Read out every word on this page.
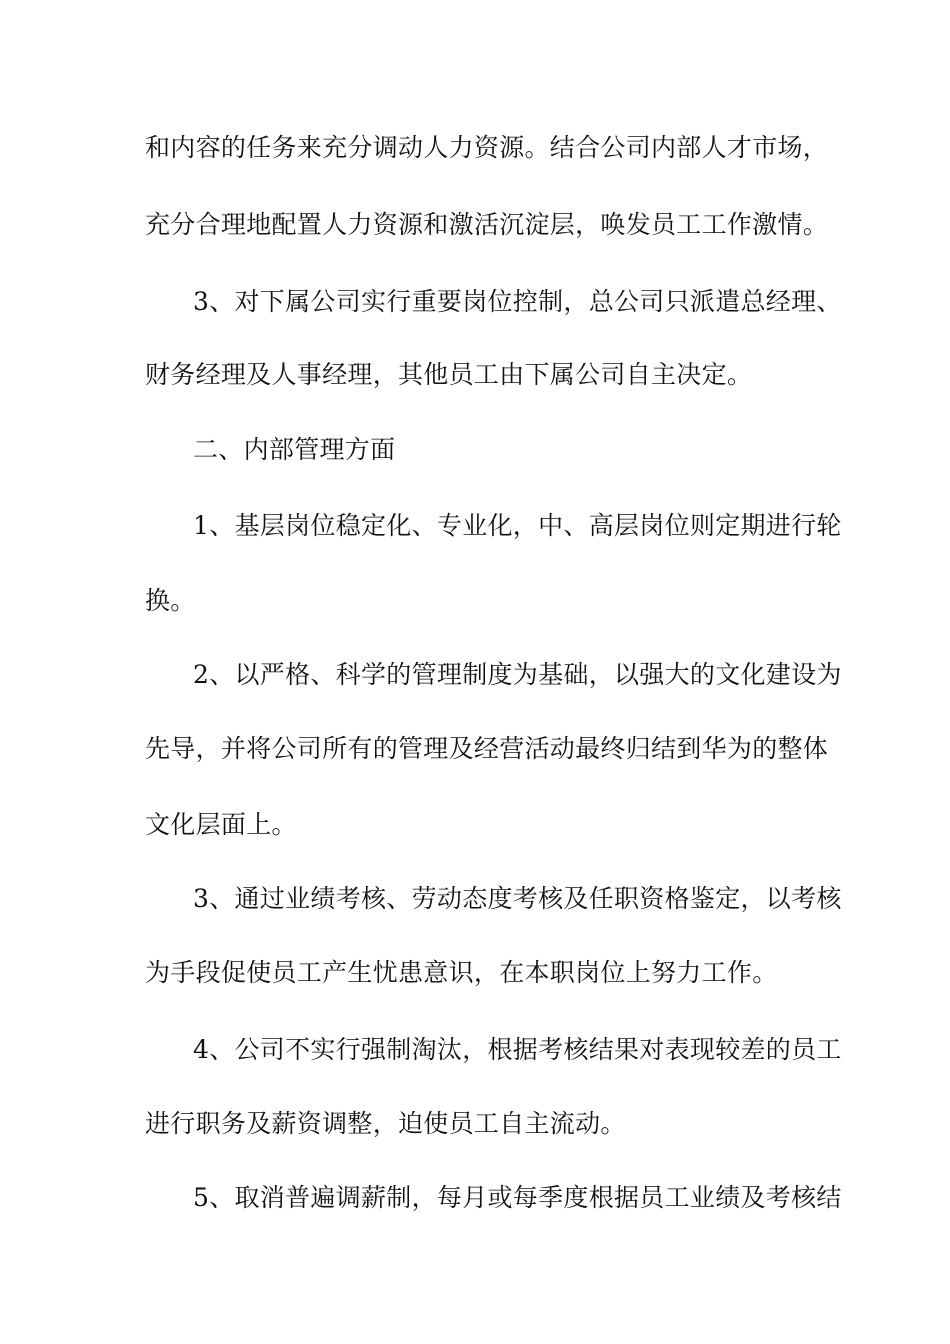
和内容的任务来充分调动人力资源。结合公司内部人才市场，
充分合理地配置人力资源和激活沉淀层，唤发员工工作激情。
3、对下属公司实行重要岗位控制，总公司只派遣总经理、
财务经理及人事经理，其他员工由下属公司自主决定。
二、内部管理方面
1、基层岗位稳定化、专业化，中、高层岗位则定期进行轮
换。
2、以严格、科学的管理制度为基础，以强大的文化建设为
先导，并将公司所有的管理及经营活动最终归结到华为的整体
文化层面上。
3、通过业绩考核、劳动态度考核及任职资格鉴定，以考核
为手段促使员工产生忧患意识，在本职岗位上努力工作。
4、公司不实行强制淘汰，根据考核结果对表现较差的员工
进行职务及薪资调整，迫使员工自主流动。
5、取消普遍调薪制，每月或每季度根据员工业绩及考核结
